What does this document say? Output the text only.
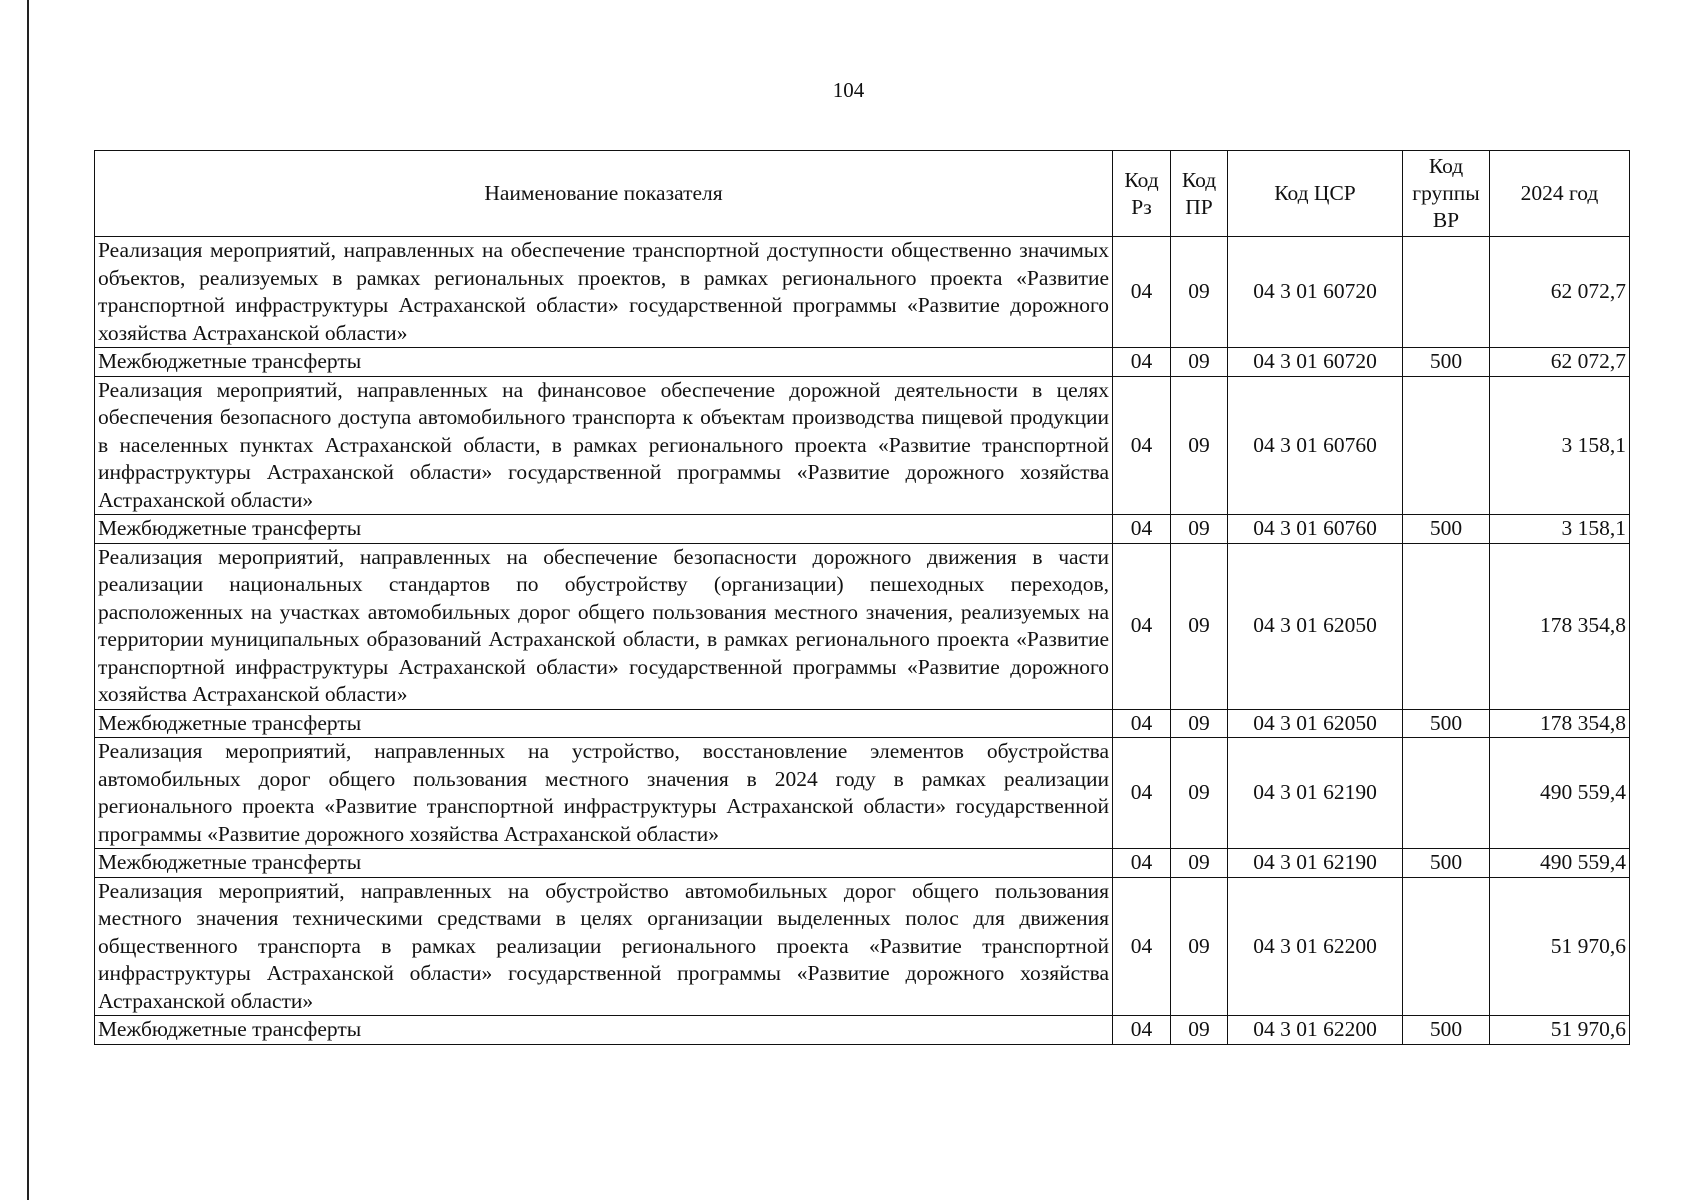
104
Наименование показателя	Код Рз	Код ПР	Код ЦСР	Код группы ВР	2024 год
Реализация мероприятий, направленных на обеспечение транспортной доступности общественно значимых объектов, реализуемых в рамках региональных проектов, в рамках регионального проекта «Развитие транспортной инфраструктуры Астраханской области» государственной программы «Развитие дорожного хозяйства Астраханской области»	04	09	04 3 01 60720		62 072,7
Межбюджетные трансферты	04	09	04 3 01 60720	500	62 072,7
Реализация мероприятий, направленных на финансовое обеспечение дорожной деятельности в целях обеспечения безопасного доступа автомобильного транспорта к объектам производства пищевой продукции в населенных пунктах Астраханской области, в рамках регионального проекта «Развитие транспортной инфраструктуры Астраханской области» государственной программы «Развитие дорожного хозяйства Астраханской области»	04	09	04 3 01 60760		3 158,1
Межбюджетные трансферты	04	09	04 3 01 60760	500	3 158,1
Реализация мероприятий, направленных на обеспечение безопасности дорожного движения в части реализации национальных стандартов по обустройству (организации) пешеходных переходов, расположенных на участках автомобильных дорог общего пользования местного значения, реализуемых на территории муниципальных образований Астраханской области, в рамках регионального проекта «Развитие транспортной инфраструктуры Астраханской области» государственной программы «Развитие дорожного хозяйства Астраханской области»	04	09	04 3 01 62050		178 354,8
Межбюджетные трансферты	04	09	04 3 01 62050	500	178 354,8
Реализация мероприятий, направленных на устройство, восстановление элементов обустройства автомобильных дорог общего пользования местного значения в 2024 году в рамках реализации регионального проекта «Развитие транспортной инфраструктуры Астраханской области» государственной программы «Развитие дорожного хозяйства Астраханской области»	04	09	04 3 01 62190		490 559,4
Межбюджетные трансферты	04	09	04 3 01 62190	500	490 559,4
Реализация мероприятий, направленных на обустройство автомобильных дорог общего пользования местного значения техническими средствами в целях организации выделенных полос для движения общественного транспорта в рамках реализации регионального проекта «Развитие транспортной инфраструктуры Астраханской области» государственной программы «Развитие дорожного хозяйства Астраханской области»	04	09	04 3 01 62200		51 970,6
Межбюджетные трансферты	04	09	04 3 01 62200	500	51 970,6
